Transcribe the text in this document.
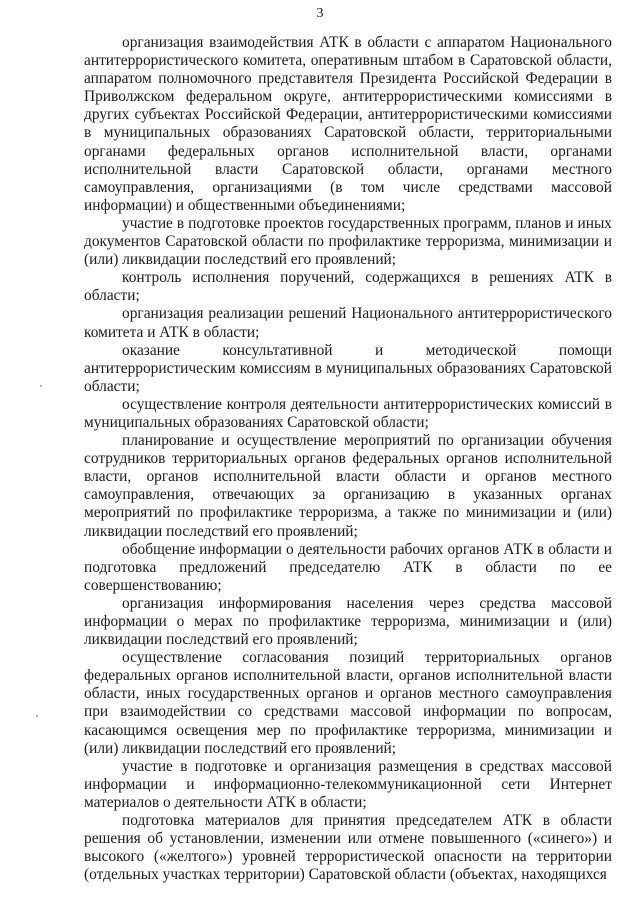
3

организация взаимодействия АТК в области с аппаратом Национального антитеррористического комитета, оперативным штабом в Саратовской области, аппаратом полномочного представителя Президента Российской Федерации в Приволжском федеральном округе, антитеррористическими комиссиями в других субъектах Российской Федерации, антитеррористическими комиссиями в муниципальных образованиях Саратовской области, территориальными органами федеральных органов исполнительной власти, органами исполнительной власти Саратовской области, органами местного самоуправления, организациями (в том числе средствами массовой информации) и общественными объединениями;

участие в подготовке проектов государственных программ, планов и иных документов Саратовской области по профилактике терроризма, минимизации и (или) ликвидации последствий его проявлений;

контроль исполнения поручений, содержащихся в решениях АТК в области;

организация реализации решений Национального антитеррористического комитета и АТК в области;

оказание консультативной и методической помощи антитеррористическим комиссиям в муниципальных образованиях Саратовской области;

осуществление контроля деятельности антитеррористических комиссий в муниципальных образованиях Саратовской области;

планирование и осуществление мероприятий по организации обучения сотрудников территориальных органов федеральных органов исполнительной власти, органов исполнительной власти области и органов местного самоуправления, отвечающих за организацию в указанных органах мероприятий по профилактике терроризма, а также по минимизации и (или) ликвидации последствий его проявлений;

обобщение информации о деятельности рабочих органов АТК в области и подготовка предложений председателю АТК в области по ее совершенствованию;

организация информирования населения через средства массовой информации о мерах по профилактике терроризма, минимизации и (или) ликвидации последствий его проявлений;

осуществление согласования позиций территориальных органов федеральных органов исполнительной власти, органов исполнительной власти области, иных государственных органов и органов местного самоуправления при взаимодействии со средствами массовой информации по вопросам, касающимся освещения мер по профилактике терроризма, минимизации и (или) ликвидации последствий его проявлений;

участие в подготовке и организация размещения в средствах массовой информации и информационно-телекоммуникационной сети Интернет материалов о деятельности АТК в области;

подготовка материалов для принятия председателем АТК в области решения об установлении, изменении или отмене повышенного («синего») и высокого («желтого») уровней террористической опасности на территории (отдельных участках территории) Саратовской области (объектах, находящихся
